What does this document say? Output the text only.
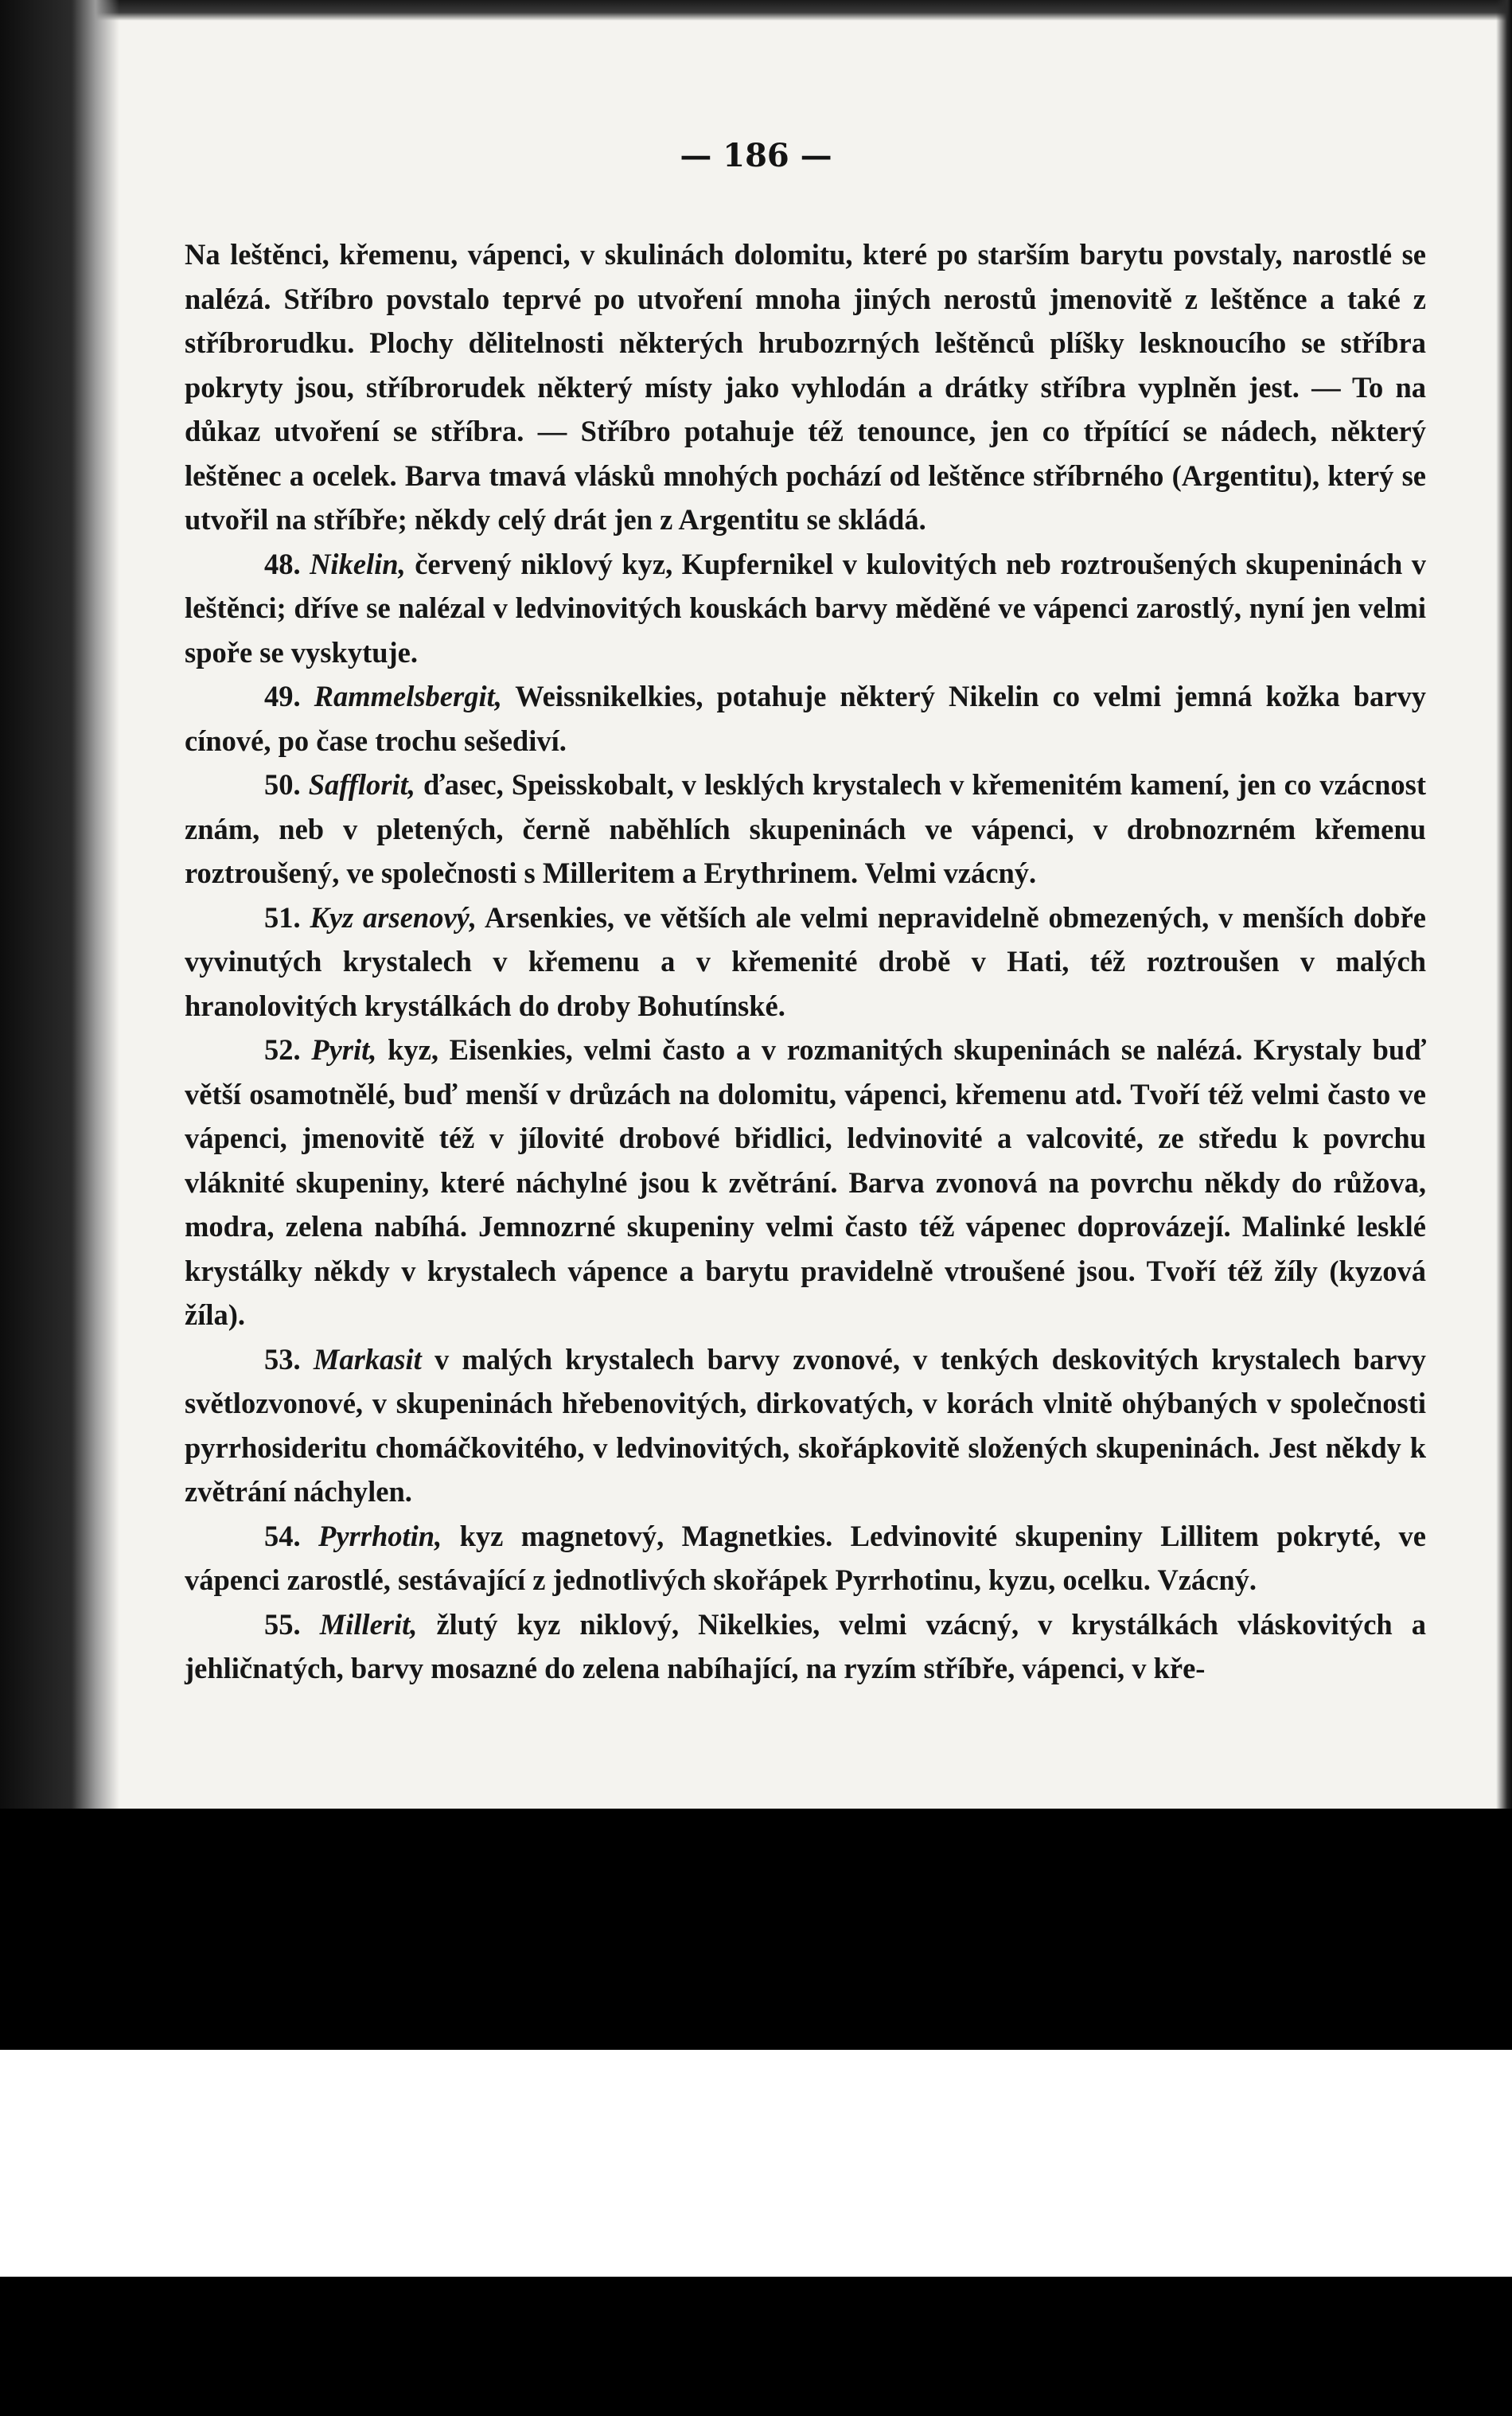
— 186 —

Na leštěnci, křemenu, vápenci, v skulinách dolomitu, které po starším barytu povstaly, narostlé se nalézá. Stříbro povstalo teprvé po utvoření mnoha jiných nerostů jmenovitě z leštěnce a také z stříbrorudku. Plochy dělitelnosti některých hrubozrných leštěnců plíšky lesknoucího se stříbra pokryty jsou, stříbrorudek některý místy jako vyhlodán a drátky stříbra vyplněn jest. — To na důkaz utvoření se stříbra. — Stříbro potahuje též tenounce, jen co třpítící se nádech, některý leštěnec a ocelek. Barva tmavá vlásků mnohých pochází od leštěnce stříbrného (Argentitu), který se utvořil na stříbře; někdy celý drát jen z Argentitu se skládá.

48. Nikelin, červený niklový kyz, Kupfernikel v kulovitých neb roztroušených skupeninách v leštěnci; dříve se nalézal v ledvinovitých kouskách barvy měděné ve vápenci zarostlý, nyní jen velmi spoře se vyskytuje.

49. Rammelsbergit, Weissnikelkies, potahuje některý Nikelin co velmi jemná kožka barvy cínové, po čase trochu sešediví.

50. Safflorit, ďasec, Speisskobalt, v lesklých krystalech v křemenitém kamení, jen co vzácnost znám, neb v pletených, černě naběhlích skupeninách ve vápenci, v drobnozrném křemenu roztroušený, ve společnosti s Milleritem a Erythrinem. Velmi vzácný.

51. Kyz arsenový, Arsenkies, ve větších ale velmi nepravidelně obmezených, v menších dobře vyvinutých krystalech v křemenu a v křemenité drobě v Hati, též roztroušen v malých hranolovitých krystálkách do droby Bohutínské.

52. Pyrit, kyz, Eisenkies, velmi často a v rozmanitých skupeninách se nalézá. Krystaly buď větší osamotnělé, buď menší v drůzách na dolomitu, vápenci, křemenu atd. Tvoří též velmi často ve vápenci, jmenovitě též v jílovité drobové břidlici, ledvinovité a valcovité, ze středu k povrchu vláknité skupeniny, které náchylné jsou k zvětrání. Barva zvonová na povrchu někdy do růžova, modra, zelena nabíhá. Jemnozrné skupeniny velmi často též vápenec doprovázejí. Malinké lesklé krystálky někdy v krystalech vápence a barytu pravidelně vtroušené jsou. Tvoří též žíly (kyzová žíla).

53. Markasit v malých krystalech barvy zvonové, v tenkých deskovitých krystalech barvy světlozvonové, v skupeninách hřebenovitých, dirkovatých, v korách vlnitě ohýbaných v společnosti pyrrhosideritu chomáčkovitého, v ledvinovitých, skořápkovitě složených skupeninách. Jest někdy k zvětrání náchylen.

54. Pyrrhotin, kyz magnetový, Magnetkies. Ledvinovité skupeniny Lillitem pokryté, ve vápenci zarostlé, sestávající z jednotlivých skořápek Pyrrhotinu, kyzu, ocelku. Vzácný.

55. Millerit, žlutý kyz niklový, Nikelkies, velmi vzácný, v krystálkách vláskovitých a jehličnatých, barvy mosazné do zelena nabíhající, na ryzím stříbře, vápenci, v kře-
